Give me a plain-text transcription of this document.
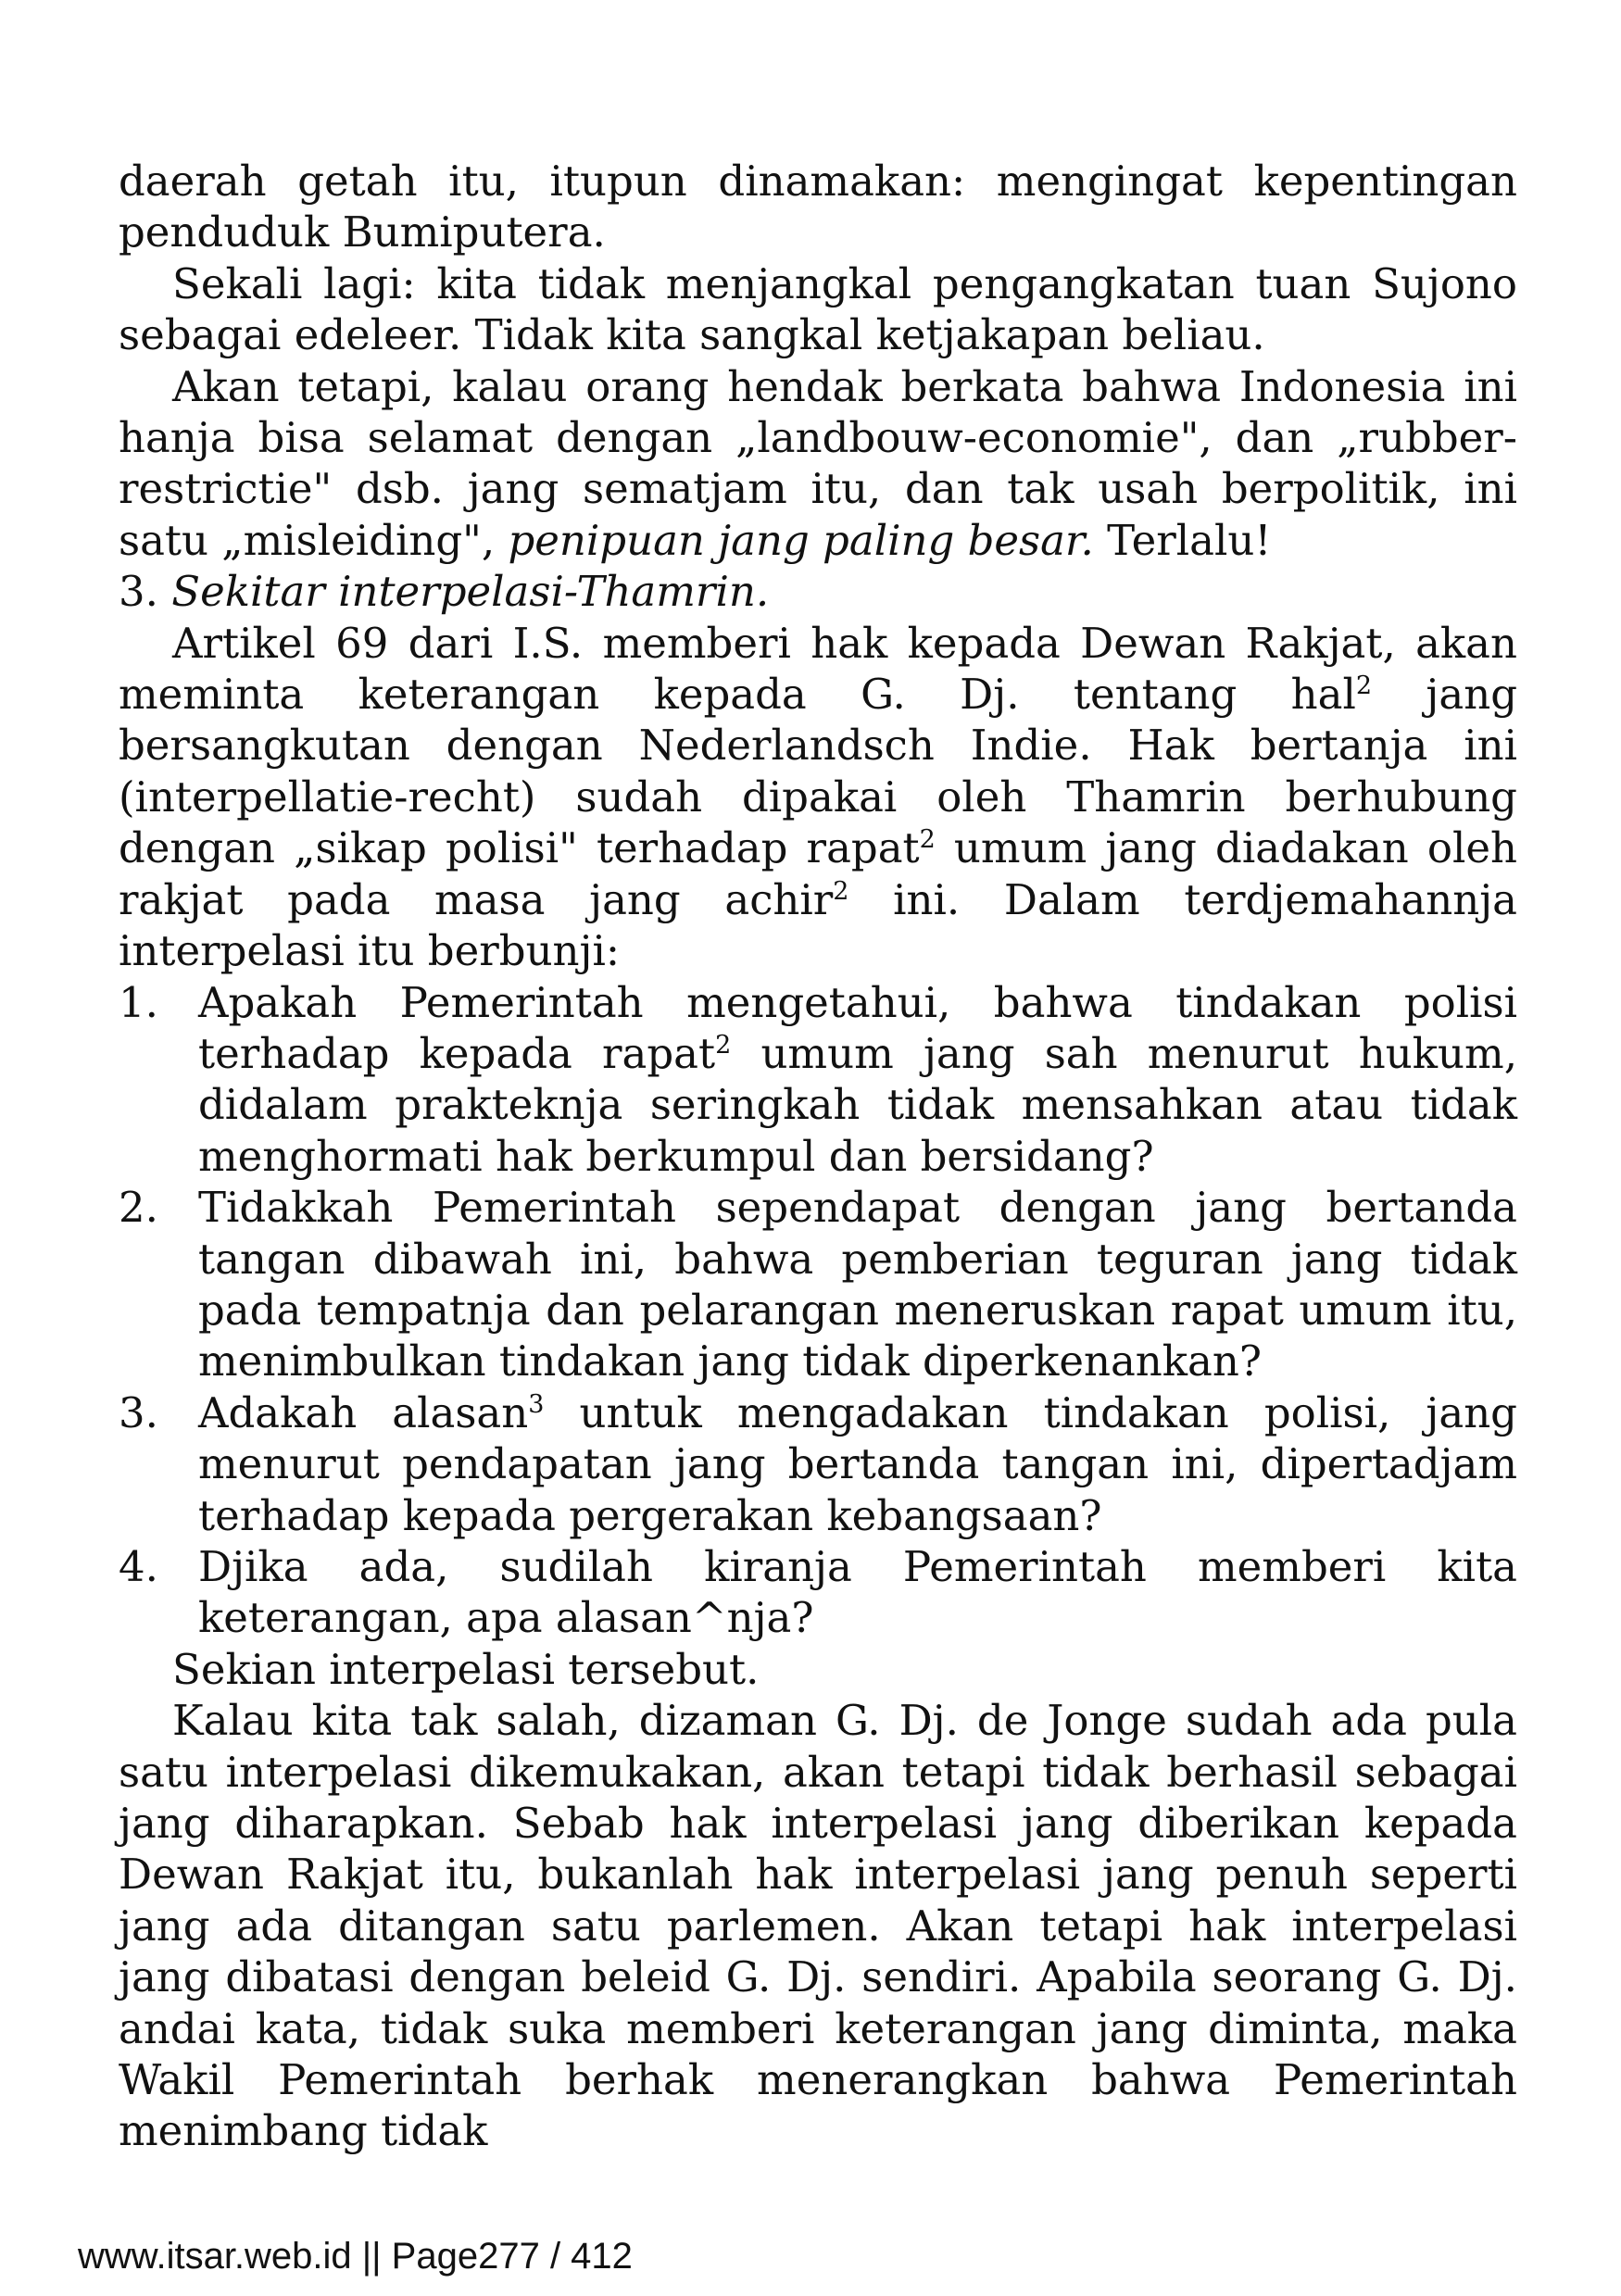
daerah getah itu, itupun dinamakan: mengingat kepentingan penduduk Bumiputera.

Sekali lagi: kita tidak menjangkal pengangkatan tuan Sujono sebagai edeleer. Tidak kita sangkal ketjakapan beliau.

Akan tetapi, kalau orang hendak berkata bahwa Indonesia ini hanja bisa selamat dengan „landbouw-economie", dan „rubber-restrictie" dsb. jang sematjam itu, dan tak usah berpolitik, ini satu „misleiding", penipuan jang paling besar. Terlalu!

3. Sekitar interpelasi-Thamrin.

Artikel 69 dari I.S. memberi hak kepada Dewan Rakjat, akan meminta keterangan kepada G. Dj. tentang hal$^2$ jang bersangkutan dengan Nederlandsch Indie. Hak bertanja ini (interpellatie-recht) sudah dipakai oleh Thamrin berhubung dengan „sikap polisi" terhadap rapat$^2$ umum jang diadakan oleh rakjat pada masa jang achir$^2$ ini. Dalam terdjemahannja interpelasi itu berbunji:

1. Apakah Pemerintah mengetahui, bahwa tindakan polisi terhadap kepada rapat$^2$ umum jang sah menurut hukum, didalam prakteknja seringkah tidak mensahkan atau tidak menghormati hak berkumpul dan bersidang?
2. Tidakkah Pemerintah sependapat dengan jang bertanda tangan dibawah ini, bahwa pemberian teguran jang tidak pada tempatnja dan pelarangan meneruskan rapat umum itu, menimbulkan tindakan jang tidak diperkenankan?
3. Adakah alasan$^3$ untuk mengadakan tindakan polisi, jang menurut pendapatan jang bertanda tangan ini, dipertadjam terhadap kepada pergerakan kebangsaan?
4. Djika ada, sudilah kiranja Pemerintah memberi kita keterangan, apa alasan^nja?

Sekian interpelasi tersebut.

Kalau kita tak salah, dizaman G. Dj. de Jonge sudah ada pula satu interpelasi dikemukakan, akan tetapi tidak berhasil sebagai jang diharapkan. Sebab hak interpelasi jang diberikan kepada Dewan Rakjat itu, bukanlah hak interpelasi jang penuh seperti jang ada ditangan satu parlemen. Akan tetapi hak interpelasi jang dibatasi dengan beleid G. Dj. sendiri. Apabila seorang G. Dj. andai kata, tidak suka memberi keterangan jang diminta, maka Wakil Pemerintah berhak menerangkan bahwa Pemerintah menimbang tidak

www.itsar.web.id || Page277 / 412
